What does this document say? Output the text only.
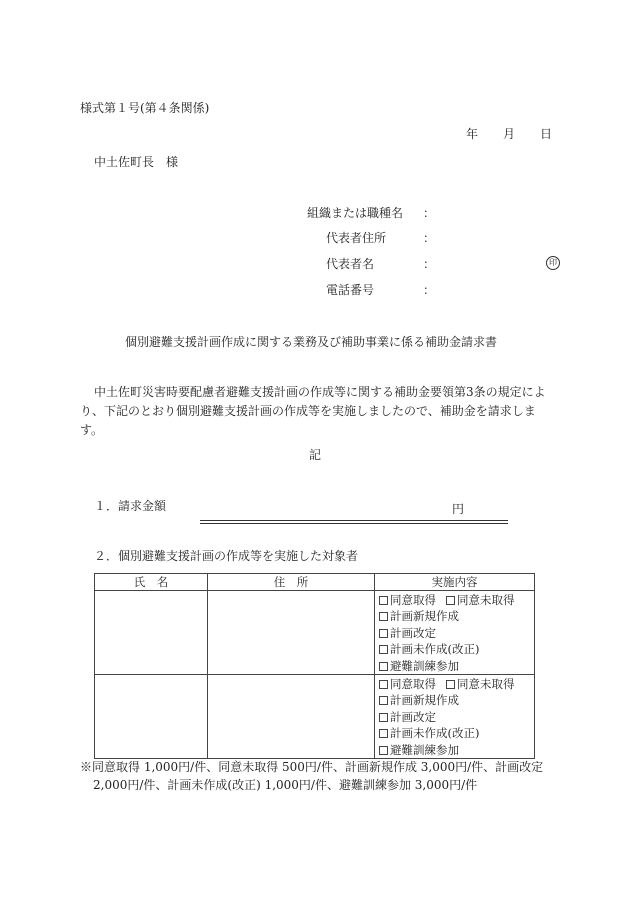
様式第１号(第４条関係)
年 月 日
中土佐町長　様
組織または職種名 ：
代表者住所	：
代表者名	：	印
電話番号	：
個別避難支援計画作成に関する業務及び補助事業に係る補助金請求書
中土佐町災害時要配慮者避難支援計画の作成等に関する補助金要領第3条の規定によ
り、下記のとおり個別避難支援計画の作成等を実施しましたので、補助金を請求しま
す。
記
１．請求金額	円
２．個別避難支援計画の作成等を実施した対象者
氏　名	住　所	実施内容

		同意取得 同意未取得
計画新規作成
計画改定
計画未作成(改正)
避難訓練参加

		同意取得 同意未取得
計画新規作成
計画改定
計画未作成(改正)
避難訓練参加
※同意取得 1,000円/件、同意未取得 500円/件、計画新規作成 3,000円/件、計画改定
2,000円/件、計画未作成(改正) 1,000円/件、避難訓練参加 3,000円/件
